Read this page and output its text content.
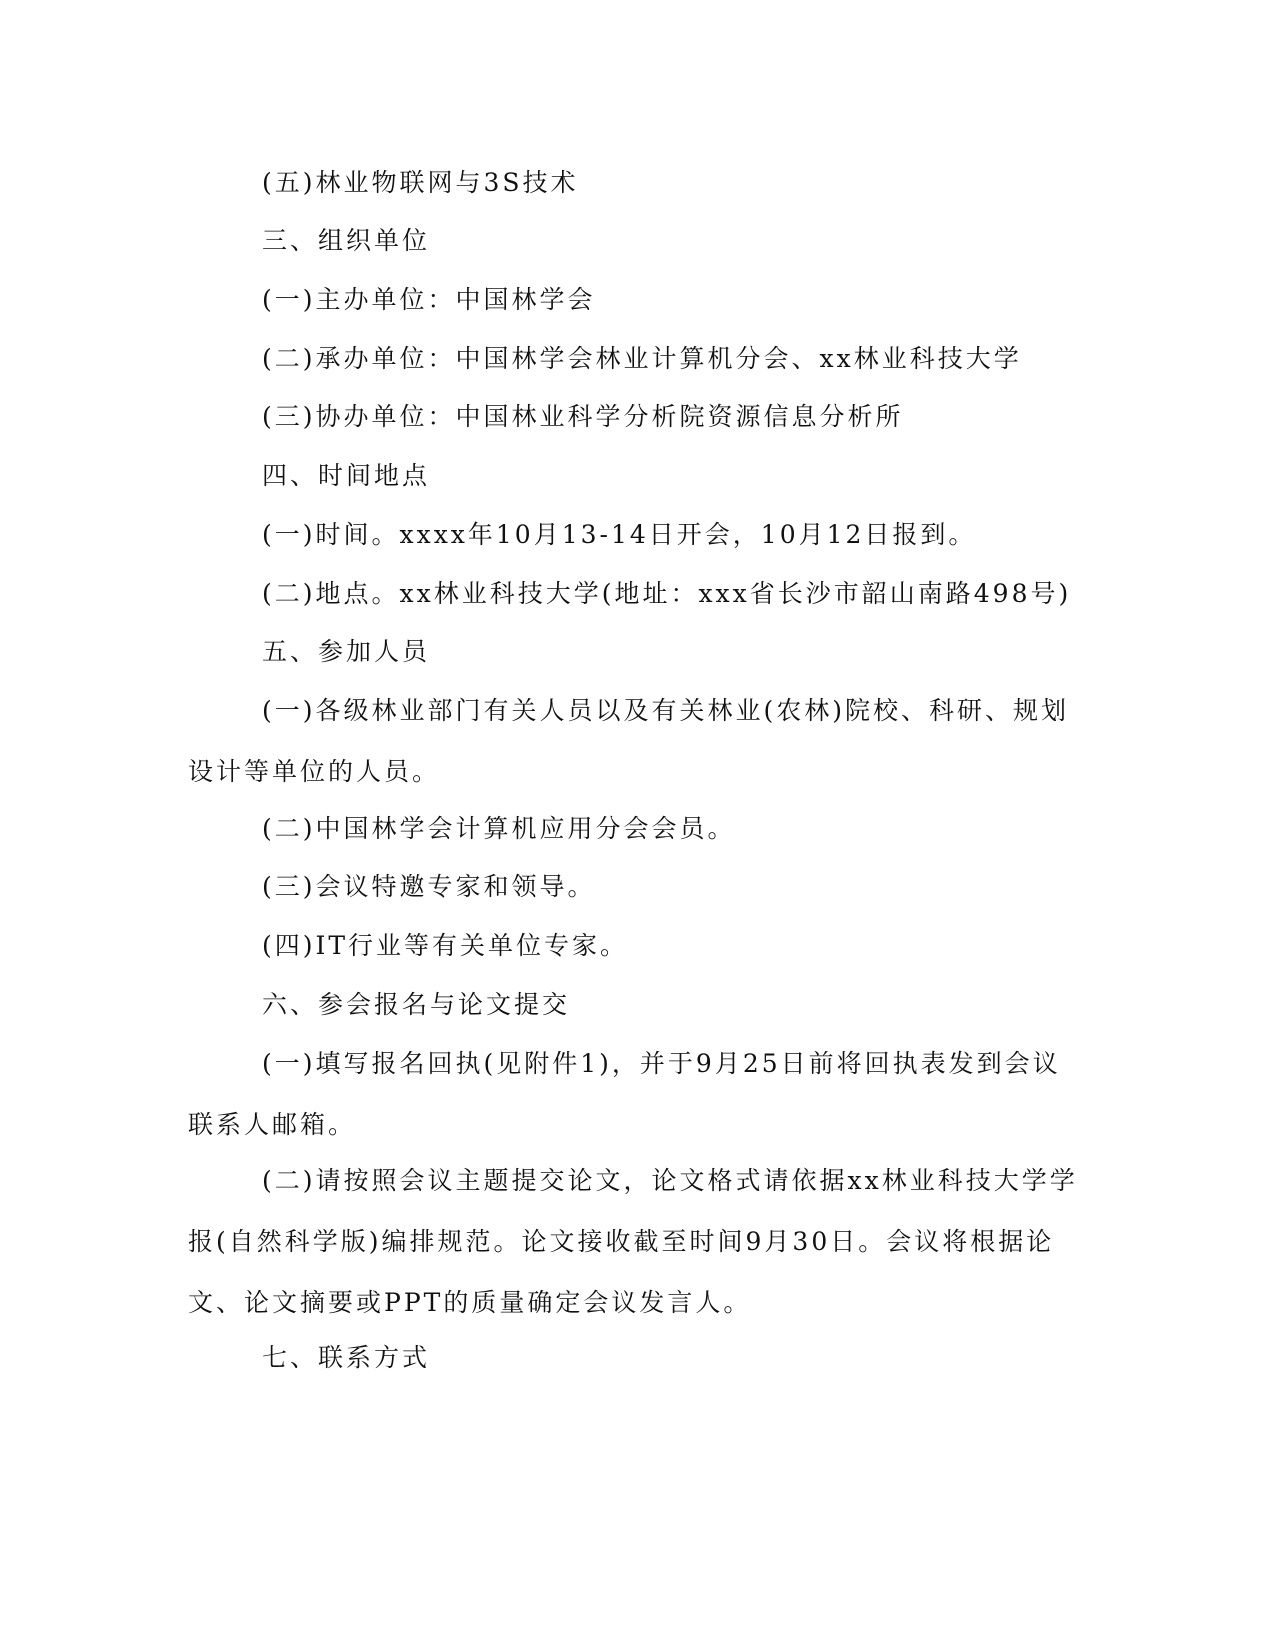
(五)林业物联网与3S技术

三、组织单位

(一)主办单位：中国林学会

(二)承办单位：中国林学会林业计算机分会、xx林业科技大学

(三)协办单位：中国林业科学分析院资源信息分析所

四、时间地点

(一)时间。xxxx年10月13-14日开会，10月12日报到。

(二)地点。xx林业科技大学(地址：xxx省长沙市韶山南路498号)

五、参加人员

(一)各级林业部门有关人员以及有关林业(农林)院校、科研、规划设计等单位的人员。

(二)中国林学会计算机应用分会会员。

(三)会议特邀专家和领导。

(四)IT行业等有关单位专家。

六、参会报名与论文提交

(一)填写报名回执(见附件1)，并于9月25日前将回执表发到会议联系人邮箱。

(二)请按照会议主题提交论文，论文格式请依据xx林业科技大学学报(自然科学版)编排规范。论文接收截至时间9月30日。会议将根据论文、论文摘要或PPT的质量确定会议发言人。

七、联系方式
